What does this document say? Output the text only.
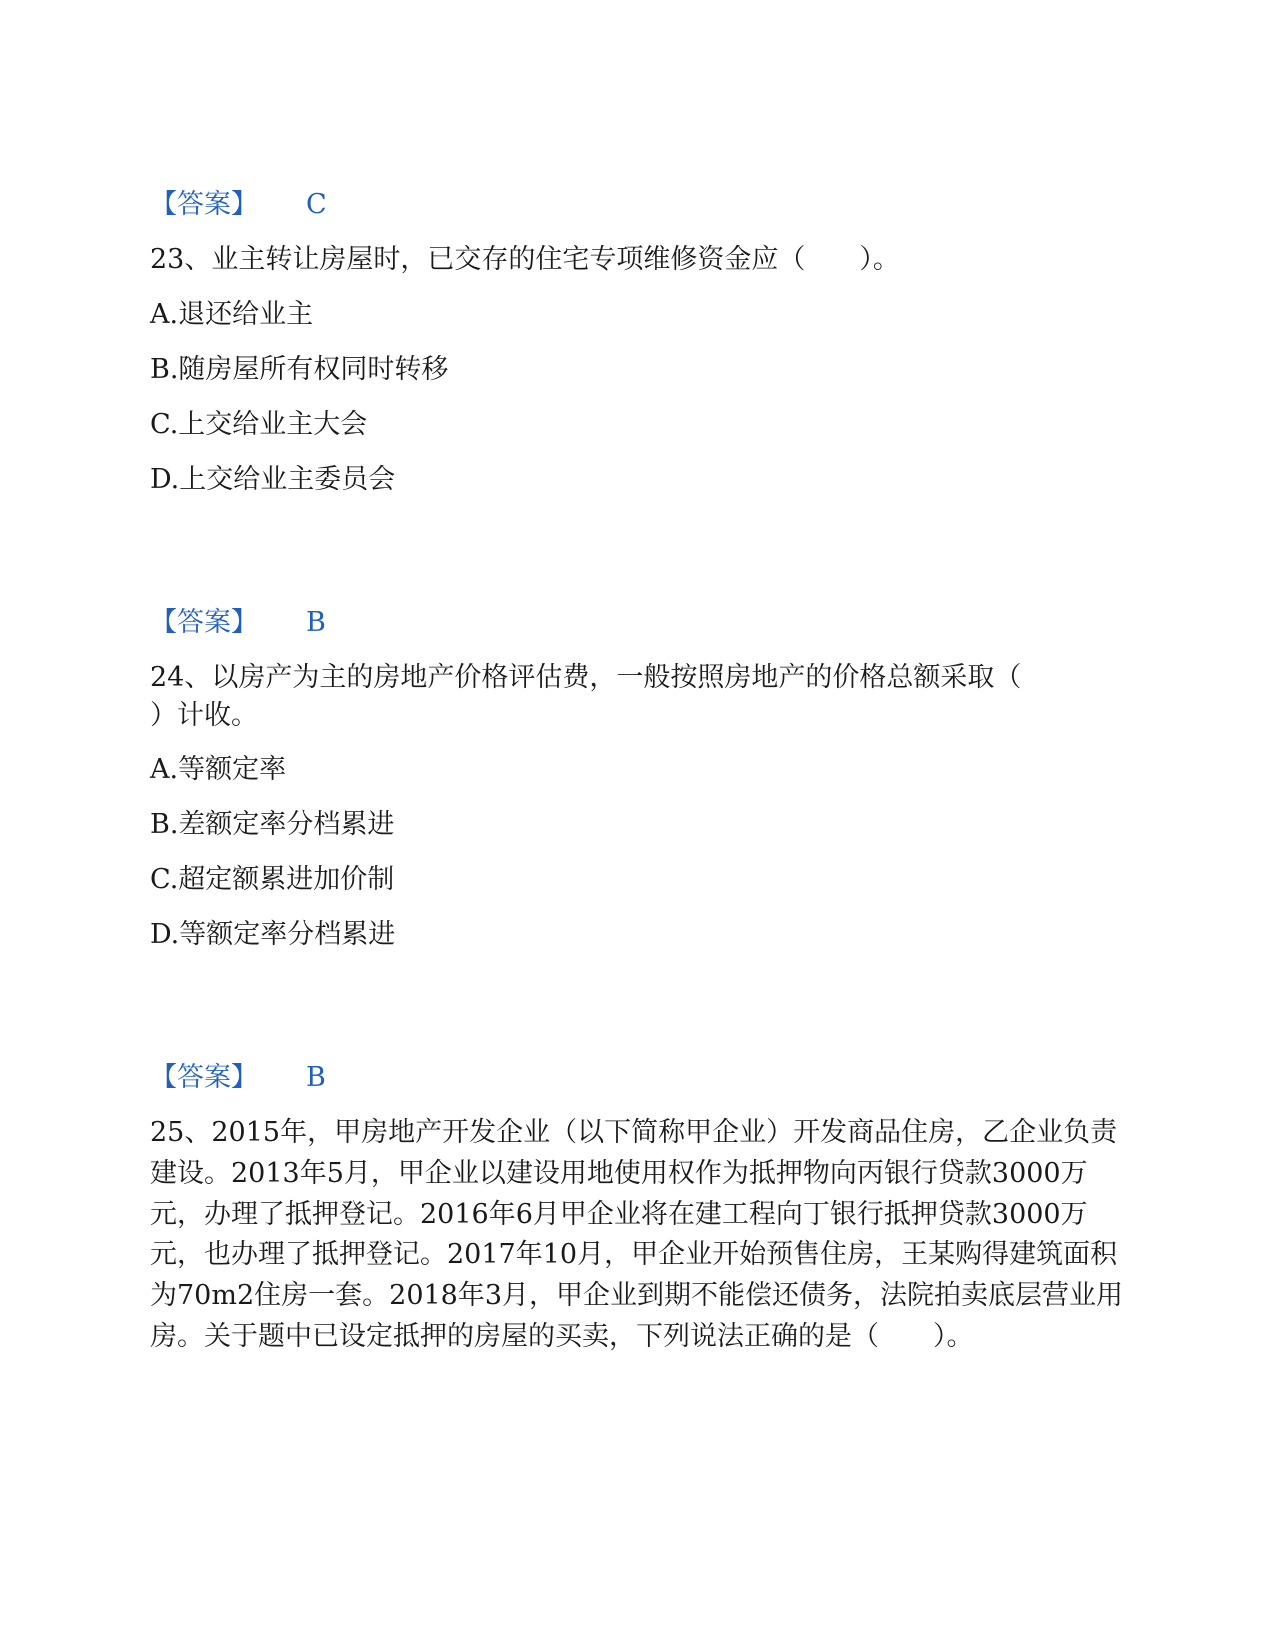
【答案】 C
23、业主转让房屋时，已交存的住宅专项维修资金应（　　）。
A.退还给业主
B.随房屋所有权同时转移
C.上交给业主大会
D.上交给业主委员会
【答案】 B
24、以房产为主的房地产价格评估费，一般按照房地产的价格总额采取（
）计收。
A.等额定率
B.差额定率分档累进
C.超定额累进加价制
D.等额定率分档累进
【答案】 B
25、2015年，甲房地产开发企业（以下简称甲企业）开发商品住房，乙企业负责建设。2013年5月，甲企业以建设用地使用权作为抵押物向丙银行贷款3000万元，办理了抵押登记。2016年6月甲企业将在建工程向丁银行抵押贷款3000万元，也办理了抵押登记。2017年10月，甲企业开始预售住房，王某购得建筑面积为70m2住房一套。2018年3月，甲企业到期不能偿还债务，法院拍卖底层营业用房。关于题中已设定抵押的房屋的买卖，下列说法正确的是（　　）。
